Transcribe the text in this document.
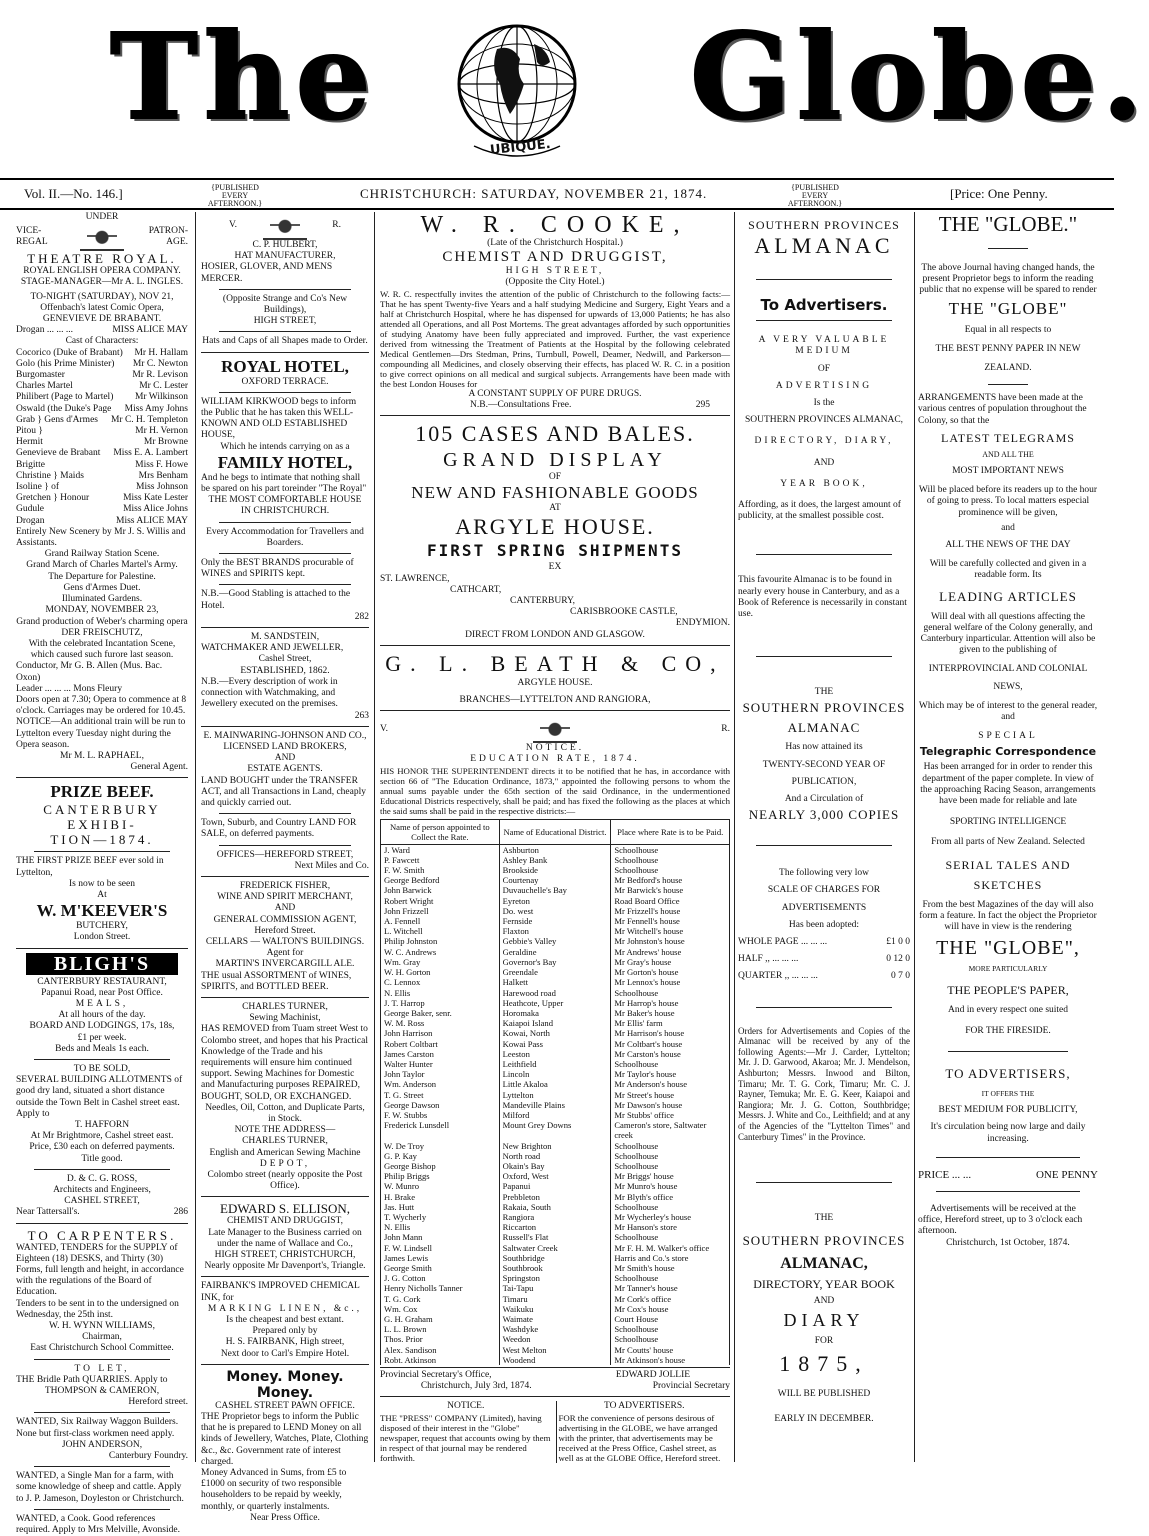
The
UBIQUE.
Globe.
Vol. II.—No. 146.]	{PUBLISHED EVERY AFTERNOON.}
CHRISTCHURCH: SATURDAY, NOVEMBER 21, 1874.	{PUBLISHED EVERY AFTERNOON.}
[Price: One Penny.
UNDER
VICE-REGAL
PATRON-AGE.
THEATRE ROYAL.
ROYAL ENGLISH OPERA COMPANY.
STAGE-MANAGER—Mr A. L. INGLES.
TO-NIGHT (SATURDAY), NOV 21,
Offenbach's latest Comic Opera,
GENEVIEVE DE BRABANT.
Drogan ... ... ...	MISS ALICE MAY
Cast of Characters:
Cocorico (Duke of Brabant) Mr H. Hallam
Golo (his Prime Minister) Mr C. Newton
Burgomaster	Mr R. Levison
Charles Martel	Mr C. Lester
Philibert (Page to Martel) Mr Wilkinson
Oswald (the Duke's Page Miss Amy Johns
Grab } Gens d'Armes Mr C. H. Templeton
Pitou }	Mr H. Vernon
Hermit	Mr Browne
Genevieve de Brabant Miss E. A. Lambert
Brigitte	Miss F. Howe
Christine } Maids	Mrs Benham
Isoline } of	Miss Johnson
Gretchen } Honour	Miss Kate Lester
Gudule	Miss Alice Johns
Drogan	Miss ALICE MAY

Entirely New Scenery by Mr J. S. Willis and Assistants.

Grand Railway Station Scene.
Grand March of Charles Martel's Army.
The Departure for Palestine.
Gens d'Armes Duet.
Illuminated Gardens.
MONDAY, NOVEMBER 23,
Grand production of Weber's charming opera
DER FREISCHUTZ,

With the celebrated Incantation Scene, which caused such furore last season.

Conductor, Mr G. B. Allen (Mus. Bac. Oxon)

Leader ... ... ... Mons Fleury

Doors open at 7.30; Opera to commence at 8 o'clock. Carriages may be ordered for 10.45.

NOTICE—An additional train will be run to Lyttelton every Tuesday night during the Opera season.

Mr M. L. RAPHAEL,
General Agent.
PRIZE BEEF.
CANTERBURY EXHIBI-
TION—1874.

THE FIRST PRIZE BEEF ever sold in Lyttelton,

Is now to be seen
At
W. M'KEEVER'S
BUTCHERY,
London Street.
BLIGH'S
CANTERBURY RESTAURANT,
Papanui Road, near Post Office.
MEALS,
At all hours of the day.
BOARD AND LODGINGS, 17s, 18s,
£1 per week.
Beds and Meals 1s each.
TO BE SOLD,

SEVERAL BUILDING ALLOTMENTS of good dry land, situated a short distance outside the Town Belt in Cashel street east. Apply to

T. HAFFORN
At Mr Brightmore, Cashel street east.
Price, £30 each on deferred payments.
Title good.
D. & C. G. ROSS,
Architects and Engineers,
CASHEL STREET,
Near Tattersall's.	286
TO CARPENTERS.

WANTED, TENDERS for the SUPPLY of Eighteen (18) DESKS, and Thirty (30) Forms, full length and height, in accordance with the regulations of the Board of Education.

Tenders to be sent in to the undersigned on Wednesday, the 25th inst.

W. H. WYNN WILLIAMS,
Chairman,
East Christchurch School Committee.
TO LET,

THE Bridle Path QUARRIES. Apply to

THOMPSON & CAMERON,
Hereford street.

WANTED, Six Railway Waggon Builders. None but first-class workmen need apply.

JOHN ANDERSON,
Canterbury Foundry.

WANTED, a Single Man for a farm, with some knowledge of sheep and cattle. Apply to J. P. Jameson, Doyleston or Christchurch.

WANTED, a Cook. Good references required. Apply to Mrs Melville, Avonside.

V.	R.
C. P. HULBERT,
HAT MANUFACTURER,

HOSIER, GLOVER, AND MENS MERCER.

(Opposite Strange and Co's New Buildings),
HIGH STREET,
Hats and Caps of all Shapes made to Order.
ROYAL HOTEL,
OXFORD TERRACE.

WILLIAM KIRKWOOD begs to inform the Public that he has taken this WELL-KNOWN AND OLD ESTABLISHED HOUSE,

Which he intends carrying on as a
FAMILY HOTEL,

And he begs to intimate that nothing shall be spared on his part toreinder "The Royal"

THE MOST COMFORTABLE HOUSE
IN CHRISTCHURCH.

Every Accommodation for Travellers and Boarders.

Only the BEST BRANDS procurable of WINES and SPIRITS kept.

N.B.—Good Stabling is attached to the Hotel.

282
M. SANDSTEIN,

WATCHMAKER AND JEWELLER,

Cashel Street,
ESTABLISHED, 1862.

N.B.—Every description of work in connection with Watchmaking, and Jewellery executed on the premises.

263
E. MAINWARING-JOHNSON AND CO.,
LICENSED LAND BROKERS,
AND
ESTATE AGENTS.

LAND BOUGHT under the TRANSFER ACT, and all Transactions in Land, cheaply and quickly carried out.

Town, Suburb, and Country LAND FOR SALE, on deferred payments.

OFFICES—HEREFORD STREET,
Next Miles and Co.
FREDERICK FISHER,
WINE AND SPIRIT MERCHANT,
AND
GENERAL COMMISSION AGENT,
Hereford Street.
CELLARS — WALTON'S BUILDINGS.
Agent for
MARTIN'S INVERCARGILL ALE.

THE usual ASSORTMENT of WINES, SPIRITS, and BOTTLED BEER.

CHARLES TURNER,
Sewing Machinist,

HAS REMOVED from Tuam street West to Colombo street, and hopes that his Practical Knowledge of the Trade and his requirements will ensure him continued support. Sewing Machines for Domestic and Manufacturing purposes REPAIRED, BOUGHT, SOLD, OR EXCHANGED.

Needles, Oil, Cotton, and Duplicate Parts, in Stock.

NOTE THE ADDRESS—
CHARLES TURNER,
English and American Sewing Machine
DEPOT,

Colombo street (nearly opposite the Post Office).

EDWARD S. ELLISON,
CHEMIST AND DRUGGIST,

Late Manager to the Business carried on under the name of Wallace and Co.,

HIGH STREET, CHRISTCHURCH,
Nearly opposite Mr Davenport's, Triangle.

FAIRBANK'S IMPROVED CHEMICAL INK, for

MARKING LINEN, &c.,
Is the cheapest and best extant.
Prepared only by
H. S. FAIRBANK, High street,
Next door to Carl's Empire Hotel.
Money. Money. Money.
CASHEL STREET PAWN OFFICE.

THE Proprietor begs to inform the Public that he is prepared to LEND Money on all kinds of Jewellery, Watches, Plate, Clothing &c., &c. Government rate of interest charged.

Money Advanced in Sums, from £5 to £1000 on security of two responsible householders to be repaid by weekly, monthly, or quarterly instalments.

Near Press Office.
W. R. COOKE,
(Late of the Christchurch Hospital.)
CHEMIST AND DRUGGIST,
HIGH STREET,
(Opposite the City Hotel.)

W. R. C. respectfully invites the attention of the public of Christchurch to the following facts:—That he has spent Twenty-five Years and a half studying Medicine and Surgery, Eight Years and a half at Christchurch Hospital, where he has dispensed for upwards of 13,000 Patients; he has also attended all Operations, and all Post Mortems. The great advantages afforded by such opportunities of studying Anatomy have been fully appreciated and improved. Further, the vast experience derived from witnessing the Treatment of Patients at the Hospital by the following celebrated Medical Gentlemen—Drs Stedman, Prins, Turnbull, Powell, Deamer, Nedwill, and Parkerson—compounding all Medicines, and closely observing their effects, has placed W. R. C. in a position to give correct opinions on all medical and surgical subjects. Arrangements have been made with the best London Houses for

A CONSTANT SUPPLY OF PURE DRUGS.
N.B.—Consultations Free.	295
105 CASES AND BALES.
GRAND DISPLAY
OF
NEW AND FASHIONABLE GOODS
AT
ARGYLE HOUSE.
FIRST SPRING SHIPMENTS
EX
ST. LAWRENCE,
CATHCART,
CANTERBURY,
CARISBROOKE CASTLE,
ENDYMION.
DIRECT FROM LONDON AND GLASGOW.
G. L. BEATH & CO,
ARGYLE HOUSE.
BRANCHES—LYTTELTON AND RANGIORA,
V.	R.
NOTICE.
EDUCATION RATE, 1874.

HIS HONOR THE SUPERINTENDENT directs it to be notified that he has, in accordance with section 66 of "The Education Ordinance, 1873," appointed the following persons to whom the annual sums payable under the 65th section of the said Ordinance, in the undermentioned Educational Districts respectively, shall be paid; and has fixed the following as the places at which the said sums shall be paid in the respective districts:—

Name of person appointed to Collect the Rate.	Name of Educational District.	Place where Rate is to be Paid.
J. Ward	Ashburton	Schoolhouse
P. Fawcett	Ashley Bank	Schoolhouse
F. W. Smith	Brookside	Schoolhouse
George Bedford	Courtenay	Mr Bedford's house
John Barwick	Duvauchelle's Bay	Mr Barwick's house
Robert Wright	Eyreton	Road Board Office
John Frizzell	Do. west	Mr Frizzell's house
A. Fennell	Fernside	Mr Fennell's house
L. Witchell	Flaxton	Mr Witchell's house
Philip Johnston	Gebbie's Valley	Mr Johnston's house
W. C. Andrews	Geraldine	Mr Andrews' house
Wm. Gray	Governor's Bay	Mr Gray's house
W. H. Gorton	Greendale	Mr Gorton's house
C. Lennox	Halkett	Mr Lennox's house
N. Ellis	Harewood road	Schoolhouse
J. T. Harrop	Heathcote, Upper	Mr Harrop's house
George Baker, senr.	Horomaka	Mr Baker's house
W. M. Ross	Kaiapoi Island	Mr Ellis' farm
John Harrison	Kowai, North	Mr Harrison's house
Robert Coltbart	Kowai Pass	Mr Coltbart's house
James Carston	Leeston	Mr Carston's house
Walter Hunter	Leithfield	Schoolhouse
John Taylor	Lincoln	Mr Taylor's house
Wm. Anderson	Little Akaloa	Mr Anderson's house
T. G. Street	Lyttelton	Mr Street's house
George Dawson	Mandeville Plains	Mr Dawson's house
F. W. Stubbs	Milford	Mr Stubbs' office
Frederick Lunsdell	Mount Grey Downs	Cameron's store, Saltwater creek
W. De Troy	New Brighton	Schoolhouse
G. P. Kay	North road	Schoolhouse
George Bishop	Okain's Bay	Schoolhouse
Philip Briggs	Oxford, West	Mr Briggs' house
W. Munro	Papanui	Mr Munro's house
H. Brake	Prebbleton	Mr Blyth's office
Jas. Hutt	Rakaia, South	Schoolhouse
T. Wycherly	Rangiora	Mr Wycherley's house
N. Ellis	Riccarton	Mr Hanson's store
John Mann	Russell's Flat	Schoolhouse
F. W. Lindsell	Saltwater Creek	Mr F. H. M. Walker's office
James Lewis	Southbridge	Harris and Co.'s store
George Smith	Southbrook	Mr Smith's house
J. G. Cotton	Springston	Schoolhouse
Henry Nicholls Tanner	Tai-Tapu	Mr Tanner's house
T. G. Cork	Timaru	Mr Cork's office
Wm. Cox	Waikuku	Mr Cox's house
G. H. Graham	Waimate	Court House
L. L. Brown	Washdyke	Schoolhouse
Thos. Prior	Weedon	Schoolhouse
Alex. Sandison	West Melton	Mr Coutts' house
Robt. Atkinson	Woodend	Mr Atkinson's house
Provincial Secretary's Office,
Christchurch, July 3rd, 1874.
EDWARD JOLLIE
Provincial Secretary
NOTICE.

THE "PRESS" COMPANY (Limited), having disposed of their interest in the "Globe" newspaper, request that accounts owing by them in respect of that journal may be rendered forthwith.

TO ADVERTISERS.

FOR the convenience of persons desirous of advertising in the GLOBE, we have arranged with the printer, that advertisements may be received at the Press Office, Cashel street, as well as at the GLOBE Office, Hereford street.

SOUTHERN PROVINCES
ALMANAC
To Advertisers.
A VERY VALUABLE MEDIUM
OF
ADVERTISING
Is the
SOUTHERN PROVINCES ALMANAC,
DIRECTORY, DIARY,
AND
YEAR BOOK,

Affording, as it does, the largest amount of publicity, at the smallest possible cost.

This favourite Almanac is to be found in nearly every house in Canterbury, and as a Book of Reference is necessarily in constant use.

THE
SOUTHERN PROVINCES
ALMANAC
Has now attained its
TWENTY-SECOND YEAR OF
PUBLICATION,
And a Circulation of
NEARLY 3,000 COPIES
The following very low
SCALE OF CHARGES FOR
ADVERTISEMENTS
Has been adopted:
WHOLE PAGE ... ... ...	£1 0 0
HALF ,, ... ... ...	0 12 0
QUARTER ,, ... ... ...	0 7 0

Orders for Advertisements and Copies of the Almanac will be received by any of the following Agents:—Mr J. Carder, Lyttelton; Mr. J. D. Garwood, Akaroa; Mr. J. Mendelson, Ashburton; Messrs. Inwood and Bilton, Timaru; Mr. T. G. Cork, Timaru; Mr. C. J. Rayner, Temuka; Mr. E. G. Keer, Kaiapoi and Rangiora; Mr. J. G. Cotton, Southbridge; Messrs. J. White and Co., Leithfield; and at any of the Agencies of the "Lyttelton Times" and Canterbury Times" in the Province.

THE
SOUTHERN PROVINCES
ALMANAC,
DIRECTORY, YEAR BOOK
AND
DIARY
FOR
1875,
WILL BE PUBLISHED
EARLY IN DECEMBER.
THE "GLOBE."

The above Journal having changed hands, the present Proprietor begs to inform the reading public that no expense will be spared to render

THE "GLOBE"
Equal in all respects to
THE BEST PENNY PAPER IN NEW
ZEALAND.

ARRANGEMENTS have been made at the various centres of population throughout the Colony, so that the

LATEST TELEGRAMS
AND ALL THE
MOST IMPORTANT NEWS

Will be placed before its readers up to the hour of going to press. To local matters especial prominence will be given,

and
ALL THE NEWS OF THE DAY

Will be carefully collected and given in a readable form. Its

LEADING ARTICLES

Will deal with all questions affecting the general welfare of the Colony generally, and Canterbury inparticular. Attention will also be given to the publishing of

INTERPROVINCIAL AND COLONIAL
NEWS,

Which may be of interest to the general reader, and

SPECIAL
Telegraphic Correspondence

Has been arranged for in order to render this department of the paper complete. In view of the approaching Racing Season, arrangements have been made for reliable and late

SPORTING INTELLIGENCE
From all parts of New Zealand. Selected
SERIAL TALES AND
SKETCHES

From the best Magazines of the day will also form a feature. In fact the object the Proprietor will have in view is the rendering

THE "GLOBE",
MORE PARTICULARLY
THE PEOPLE'S PAPER,
And in every respect one suited
FOR THE FIRESIDE.
TO ADVERTISERS,
IT OFFERS THE
BEST MEDIUM FOR PUBLICITY,

It's circulation being now large and daily increasing.

PRICE ... ...	ONE PENNY

Advertisements will be received at the office, Hereford street, up to 3 o'clock each afternoon.

Christchurch, 1st October, 1874.
